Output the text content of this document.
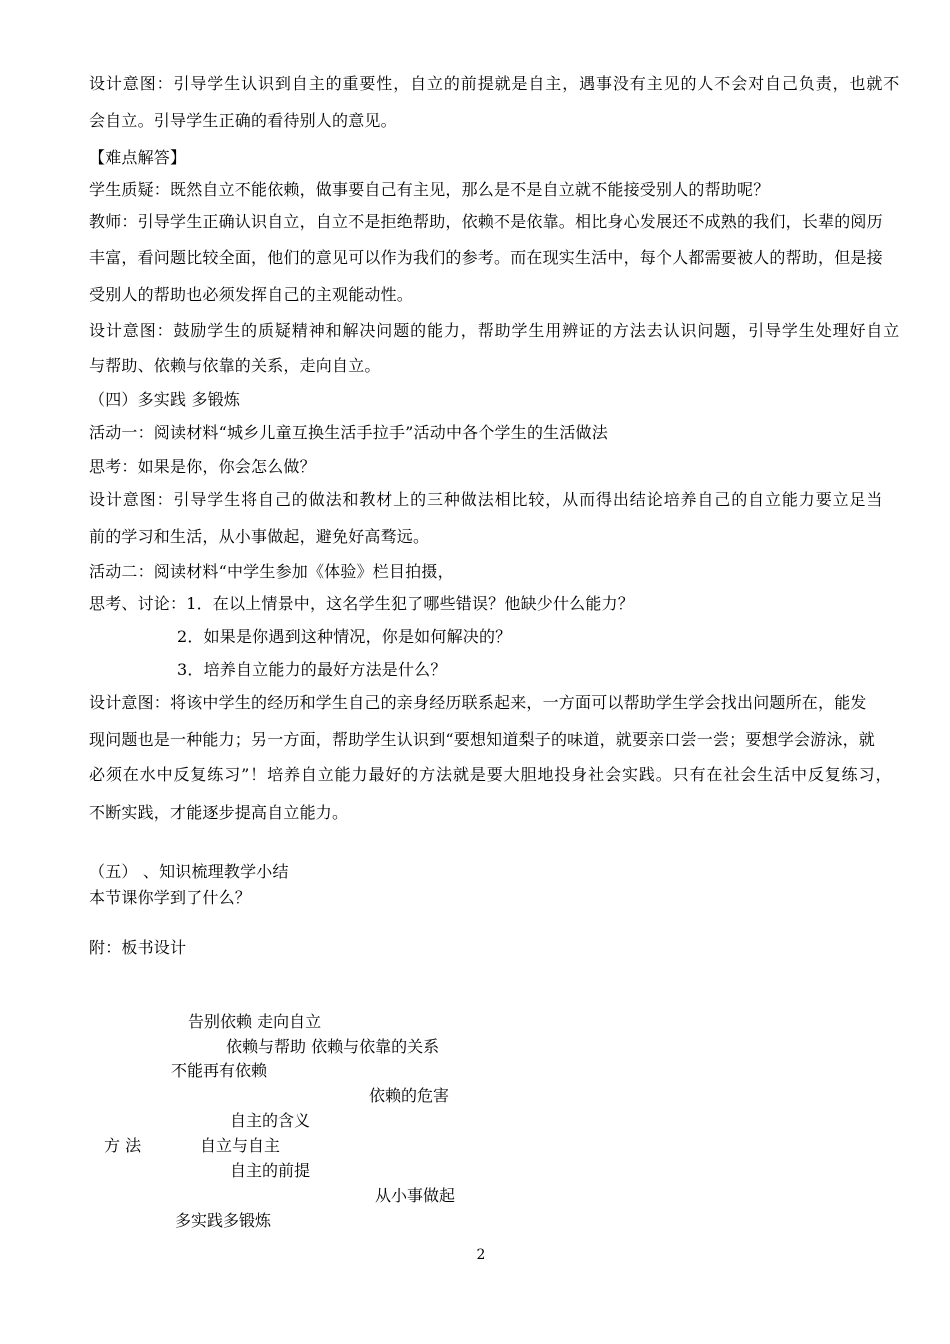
设计意图：引导学生认识到自主的重要性，自立的前提就是自主，遇事没有主见的人不会对自己负责，也就不
会自立。引导学生正确的看待别人的意见。
【难点解答】
学生质疑：既然自立不能依赖，做事要自己有主见，那么是不是自立就不能接受别人的帮助呢？
教师：引导学生正确认识自立，自立不是拒绝帮助，依赖不是依靠。相比身心发展还不成熟的我们，长辈的阅历
丰富，看问题比较全面，他们的意见可以作为我们的参考。而在现实生活中，每个人都需要被人的帮助，但是接
受别人的帮助也必须发挥自己的主观能动性。
设计意图：鼓励学生的质疑精神和解决问题的能力，帮助学生用辨证的方法去认识问题，引导学生处理好自立
与帮助、依赖与依靠的关系，走向自立。
（四）多实践 多锻炼
活动一：阅读材料“城乡儿童互换生活手拉手”活动中各个学生的生活做法
思考：如果是你，你会怎么做？
设计意图：引导学生将自己的做法和教材上的三种做法相比较，从而得出结论培养自己的自立能力要立足当
前的学习和生活，从小事做起，避免好高骛远。
活动二：阅读材料“中学生参加《体验》栏目拍摄，
思考、讨论：1．在以上情景中，这名学生犯了哪些错误？他缺少什么能力？
2．如果是你遇到这种情况，你是如何解决的？
3．培养自立能力的最好方法是什么？
设计意图：将该中学生的经历和学生自己的亲身经历联系起来，一方面可以帮助学生学会找出问题所在，能发
现问题也是一种能力；另一方面，帮助学生认识到“要想知道梨子的味道，就要亲口尝一尝；要想学会游泳，就
必须在水中反复练习”！培养自立能力最好的方法就是要大胆地投身社会实践。只有在社会生活中反复练习，
不断实践，才能逐步提高自立能力。
（五） 、知识梳理教学小结
本节课你学到了什么？
附：板书设计
告别依赖 走向自立
依赖与帮助 依赖与依靠的关系
不能再有依赖
依赖的危害
自主的含义
方 法	自立与自主
自主的前提
从小事做起
多实践多锻炼
2
